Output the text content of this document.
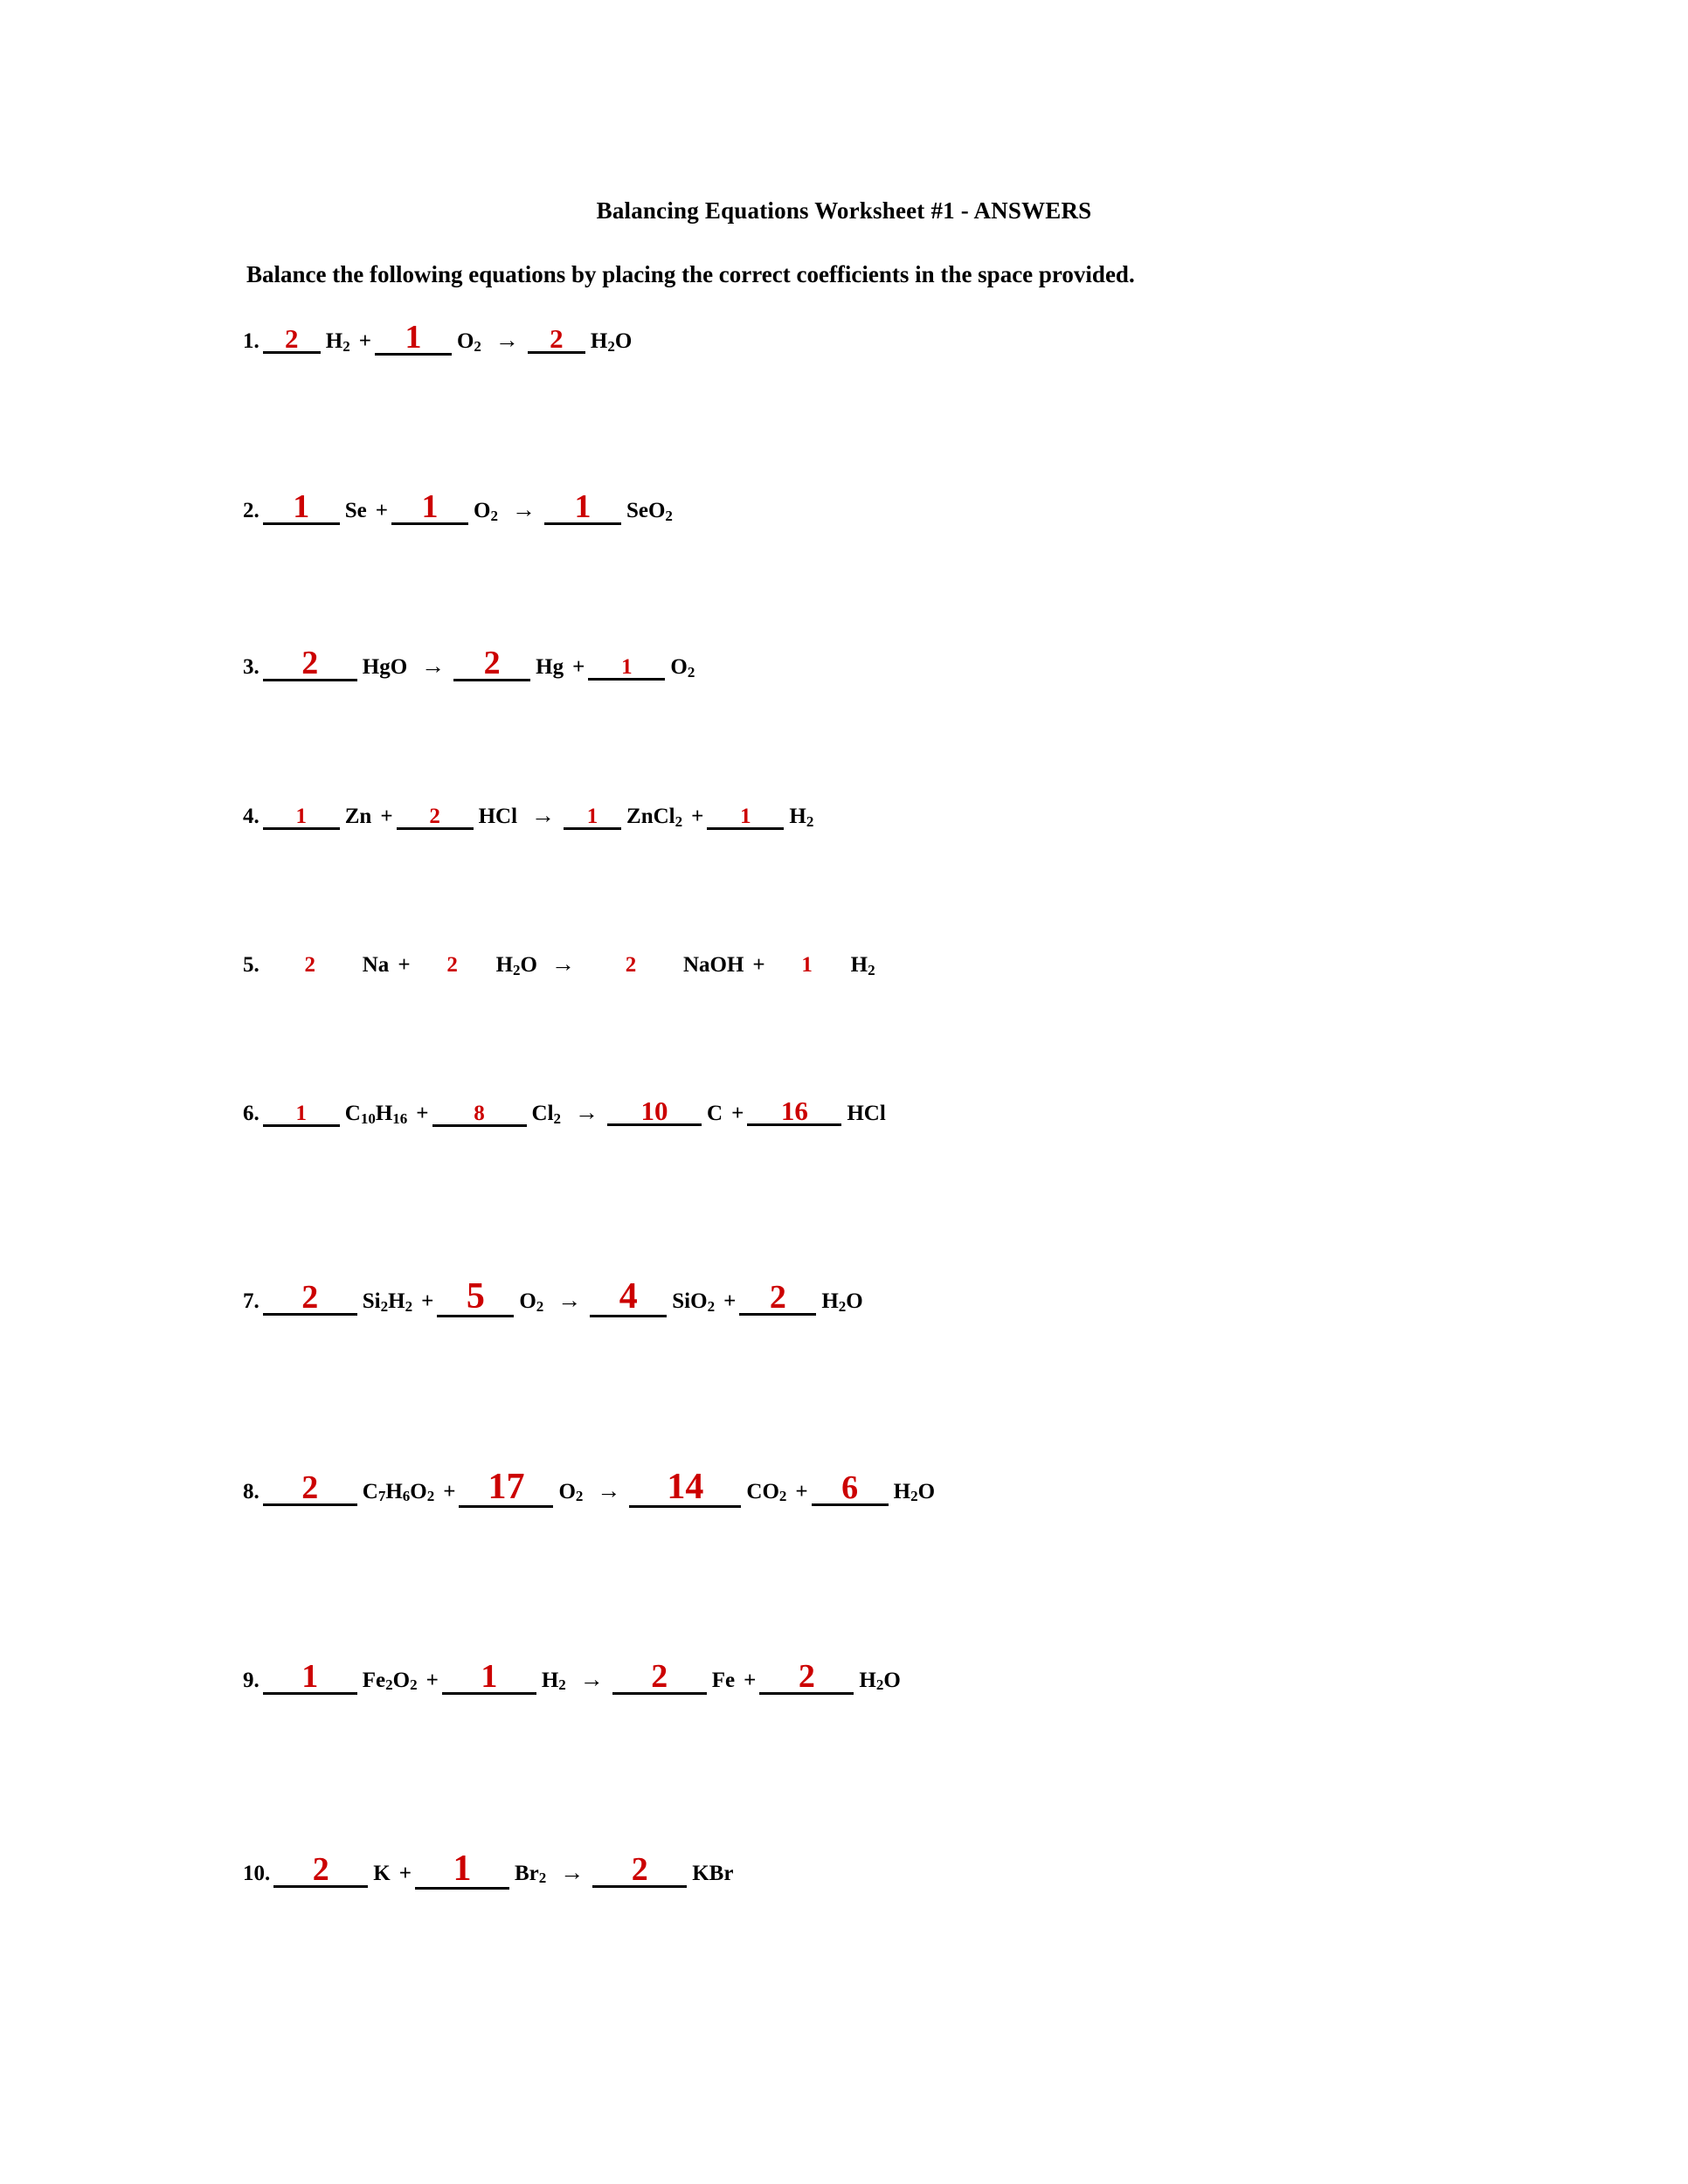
Balancing Equations Worksheet #1 - ANSWERS

Balance the following equations by placing the correct coefficients in the space provided.

1. 2	$H_2$ +	1	$O_2$ →	2	$H_2O$
2.	1	Se +	1	$O_2$ →	1	SeO$_2$
3.	2	HgO →	2	Hg +	1	$O_2$
4.	1	Zn +	2	HCl →	1	ZnCl$_2$ +	1	$H_2$
5.	2	Na +	2	$H_2O$ →	2	NaOH +	1	$H_2$
6.	1	$C_{10}H_{16}$ +	8	$Cl_2$ →	10	C +	16	HCl
7.	2	$Si_2H_2 + 5$	$O_2$ →	4	SiO$_2$ +	2	$H_2O$
8.	2	$C_7H_6O_2 + 17$	$O_2$ →	14	$CO_2$ +	6	$H_2O$
9.	1	$Fe_2O_2$ +	1	$H_2$ →	2	Fe +	2	$H_2O$
10.	2	K +	1	$Br_2$ →	2	KBr
